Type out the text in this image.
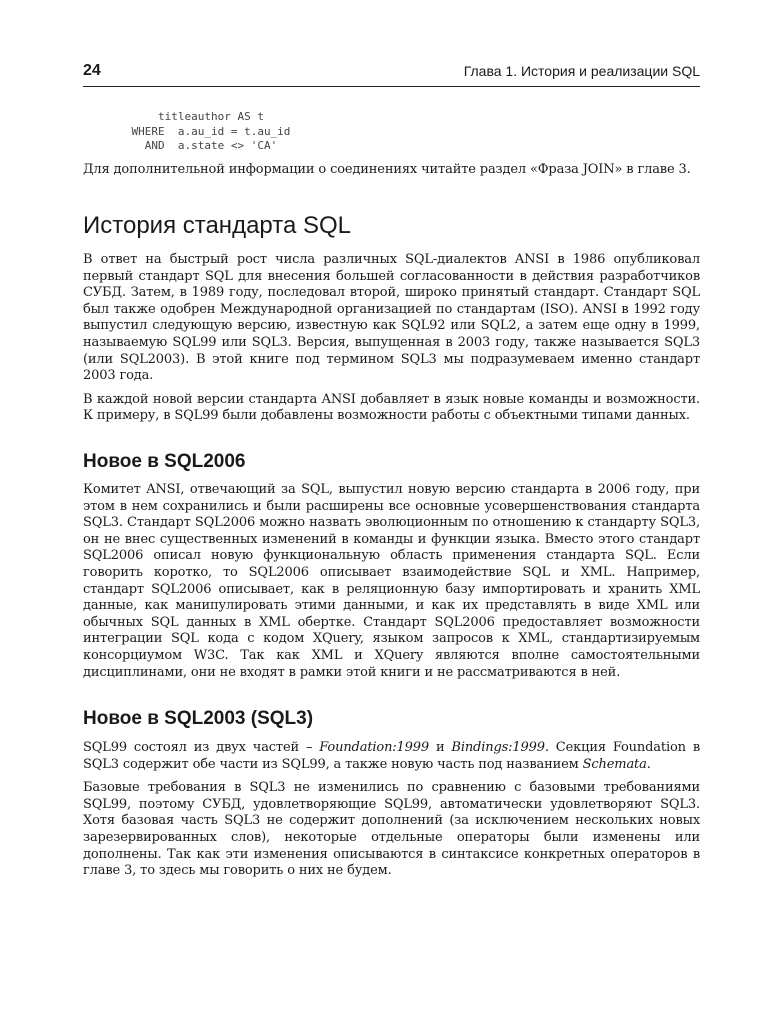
24	Глава 1. История и реализации SQL
titleauthor AS t
WHERE  a.au_id = t.au_id
AND  a.state <> 'CA'

Для дополнительной информации о соединениях читайте раздел «Фраза JOIN» в главе 3.

История стандарта SQL

В ответ на быстрый рост числа различных SQL-диалектов ANSI в 1986 опубликовал первый стандарт SQL для внесения большей согласованности в действия разработчиков СУБД. Затем, в 1989 году, последовал второй, широко принятый стандарт. Стандарт SQL был также одобрен Международной организацией по стандартам (ISO). ANSI в 1992 году выпустил следующую версию, известную как SQL92 или SQL2, а затем еще одну в 1999, называемую SQL99 или SQL3. Версия, выпущенная в 2003 году, также называется SQL3 (или SQL2003). В этой книге под термином SQL3 мы подразумеваем именно стандарт 2003 года.

В каждой новой версии стандарта ANSI добавляет в язык новые команды и возможности. К примеру, в SQL99 были добавлены возможности работы с объектными типами данных.

Новое в SQL2006

Комитет ANSI, отвечающий за SQL, выпустил новую версию стандарта в 2006 году, при этом в нем сохранились и были расширены все основные усовершенствования стандарта SQL3. Стандарт SQL2006 можно назвать эволюционным по отношению к стандарту SQL3, он не внес существенных изменений в команды и функции языка. Вместо этого стандарт SQL2006 описал новую функциональную область применения стандарта SQL. Если говорить коротко, то SQL2006 описывает взаимодействие SQL и XML. Например, стандарт SQL2006 описывает, как в реляционную базу импортировать и хранить XML данные, как манипулировать этими данными, и как их представлять в виде XML или обычных SQL данных в XML обертке. Стандарт SQL2006 предоставляет возможности интеграции SQL кода с кодом XQuery, языком запросов к XML, стандартизируемым консорциумом W3C. Так как XML и XQuery являются вполне самостоятельными дисциплинами, они не входят в рамки этой книги и не рассматриваются в ней.

Новое в SQL2003 (SQL3)

SQL99 состоял из двух частей – Foundation:1999 и Bindings:1999. Секция Foundation в SQL3 содержит обе части из SQL99, а также новую часть под названием Schemata.

Базовые требования в SQL3 не изменились по сравнению с базовыми требованиями SQL99, поэтому СУБД, удовлетворяющие SQL99, автоматически удовлетворяют SQL3. Хотя базовая часть SQL3 не содержит дополнений (за исключением нескольких новых зарезервированных слов), некоторые отдельные операторы были изменены или дополнены. Так как эти изменения описываются в синтаксисе конкретных операторов в главе 3, то здесь мы говорить о них не будем.
